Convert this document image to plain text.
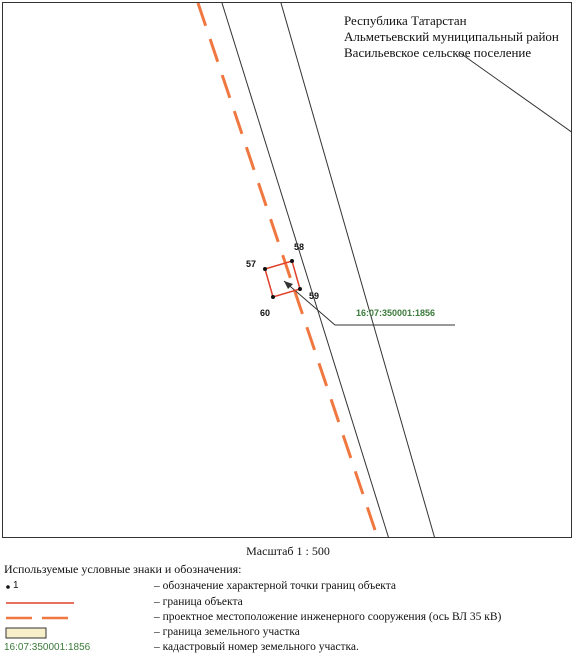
Республика Татарстан
Альметьевский муниципальный район
Васильевское сельское поселение
57
58
59
60	16:07:350001:1856
Масштаб 1 : 500
Используемые условные знаки и обозначения:
1	– обозначение характерной точки границ объекта
– граница объекта
– проектное местоположение инженерного сооружения (ось ВЛ 35 кВ)
– граница земельного участка
16:07:350001:1856	– кадастровый номер земельного участка.
